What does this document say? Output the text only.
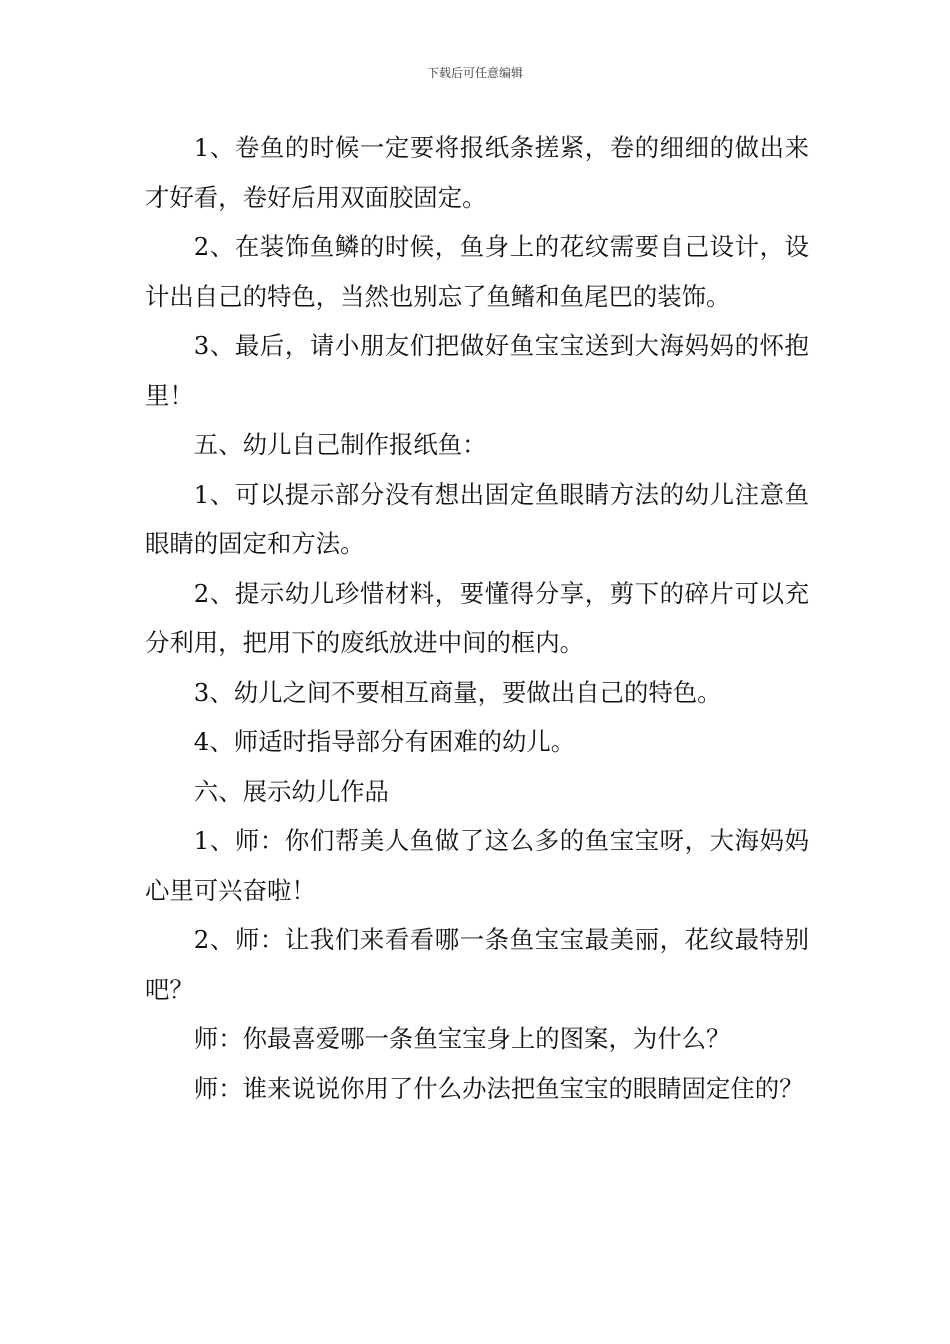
下载后可任意编辑

1、卷鱼的时候一定要将报纸条搓紧，卷的细细的做出来才好看，卷好后用双面胶固定。

2、在装饰鱼鳞的时候，鱼身上的花纹需要自己设计，设计出自己的特色，当然也别忘了鱼鳍和鱼尾巴的装饰。

3、最后，请小朋友们把做好鱼宝宝送到大海妈妈的怀抱里！

五、幼儿自己制作报纸鱼：

1、可以提示部分没有想出固定鱼眼睛方法的幼儿注意鱼眼睛的固定和方法。

2、提示幼儿珍惜材料，要懂得分享，剪下的碎片可以充分利用，把用下的废纸放进中间的框内。

3、幼儿之间不要相互商量，要做出自己的特色。

4、师适时指导部分有困难的幼儿。

六、展示幼儿作品

1、师：你们帮美人鱼做了这么多的鱼宝宝呀，大海妈妈心里可兴奋啦！

2、师：让我们来看看哪一条鱼宝宝最美丽，花纹最特别吧？

师：你最喜爱哪一条鱼宝宝身上的图案，为什么？

师：谁来说说你用了什么办法把鱼宝宝的眼睛固定住的？
